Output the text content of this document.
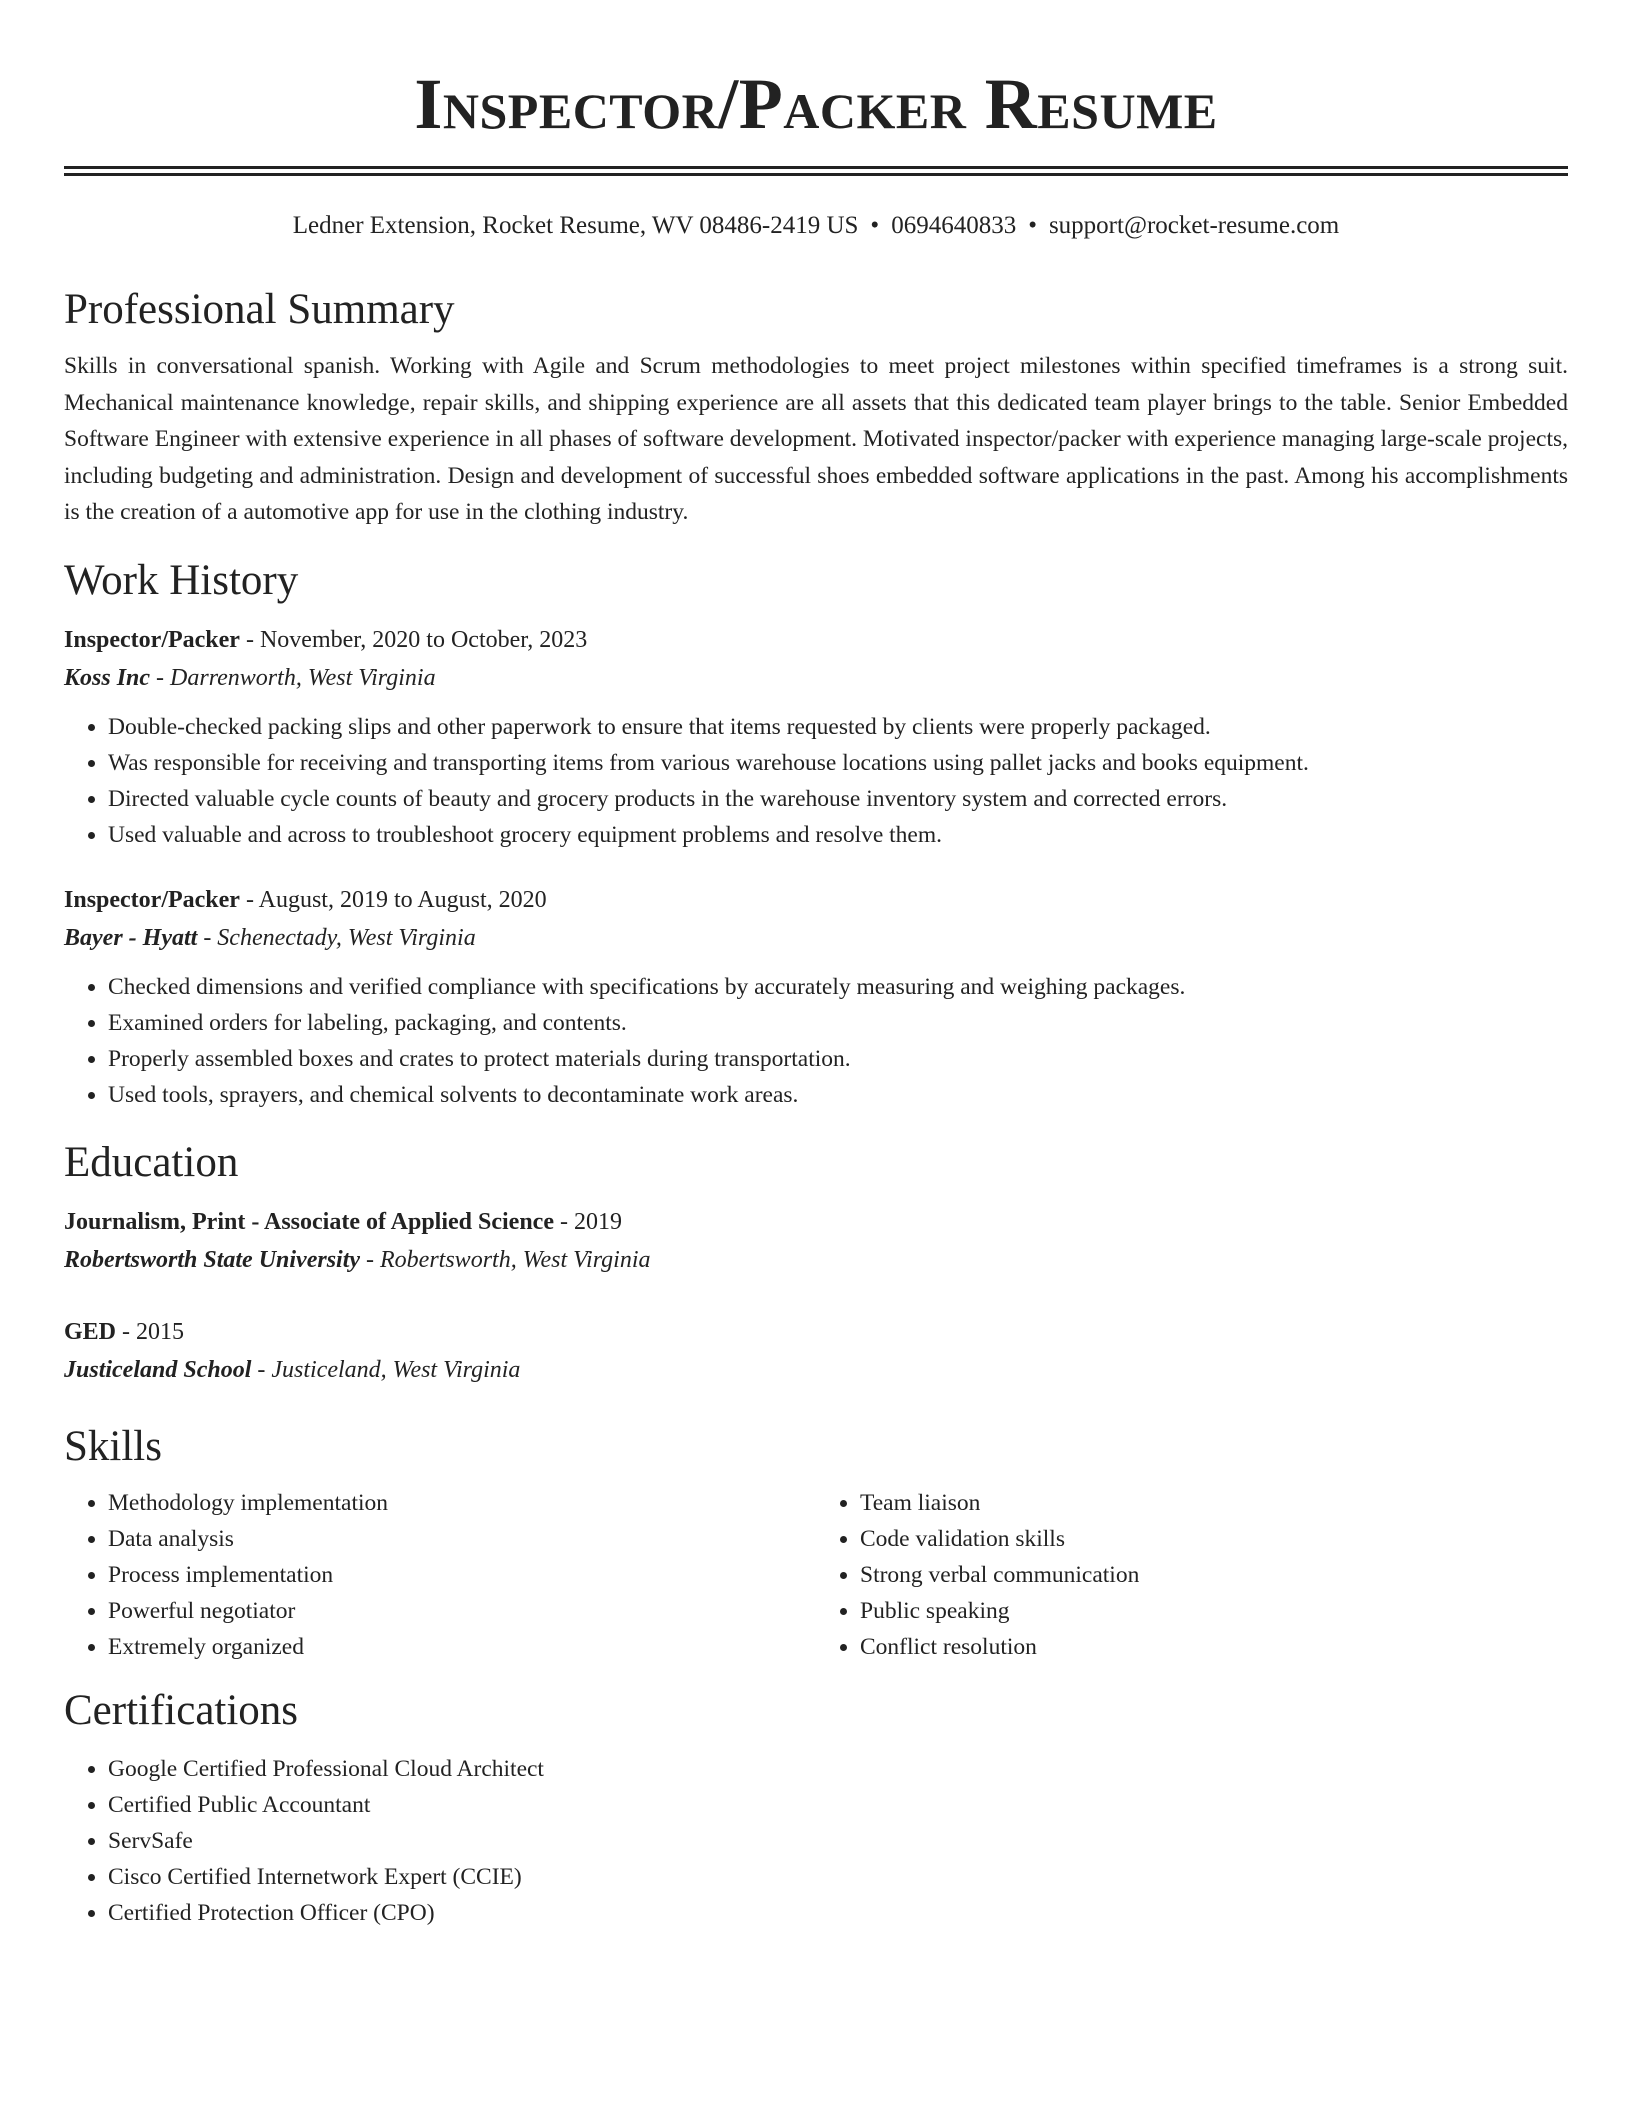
Inspector/Packer Resume
Ledner Extension, Rocket Resume, WV 08486-2419 US • 0694640833 • support@rocket-resume.com
Professional Summary

Skills in conversational spanish. Working with Agile and Scrum methodologies to meet project milestones within specified timeframes is a strong suit. Mechanical maintenance knowledge, repair skills, and shipping experience are all assets that this dedicated team player brings to the table. Senior Embedded Software Engineer with extensive experience in all phases of software development. Motivated inspector/packer with experience managing large-scale projects, including budgeting and administration. Design and development of successful shoes embedded software applications in the past. Among his accomplishments is the creation of a automotive app for use in the clothing industry.

Work History
Inspector/Packer - November, 2020 to October, 2023
Koss Inc - Darrenworth, West Virginia
• Double-checked packing slips and other paperwork to ensure that items requested by clients were properly packaged.
• Was responsible for receiving and transporting items from various warehouse locations using pallet jacks and books equipment.
• Directed valuable cycle counts of beauty and grocery products in the warehouse inventory system and corrected errors.
• Used valuable and across to troubleshoot grocery equipment problems and resolve them.
Inspector/Packer - August, 2019 to August, 2020
Bayer - Hyatt - Schenectady, West Virginia
• Checked dimensions and verified compliance with specifications by accurately measuring and weighing packages.
• Examined orders for labeling, packaging, and contents.
• Properly assembled boxes and crates to protect materials during transportation.
• Used tools, sprayers, and chemical solvents to decontaminate work areas.
Education
Journalism, Print - Associate of Applied Science - 2019
Robertsworth State University - Robertsworth, West Virginia
GED - 2015
Justiceland School - Justiceland, West Virginia
Skills
• Methodology implementation
• Data analysis
• Process implementation
• Powerful negotiator
• Extremely organized
• Team liaison
• Code validation skills
• Strong verbal communication
• Public speaking
• Conflict resolution
Certifications
• Google Certified Professional Cloud Architect
• Certified Public Accountant
• ServSafe
• Cisco Certified Internetwork Expert (CCIE)
• Certified Protection Officer (CPO)
